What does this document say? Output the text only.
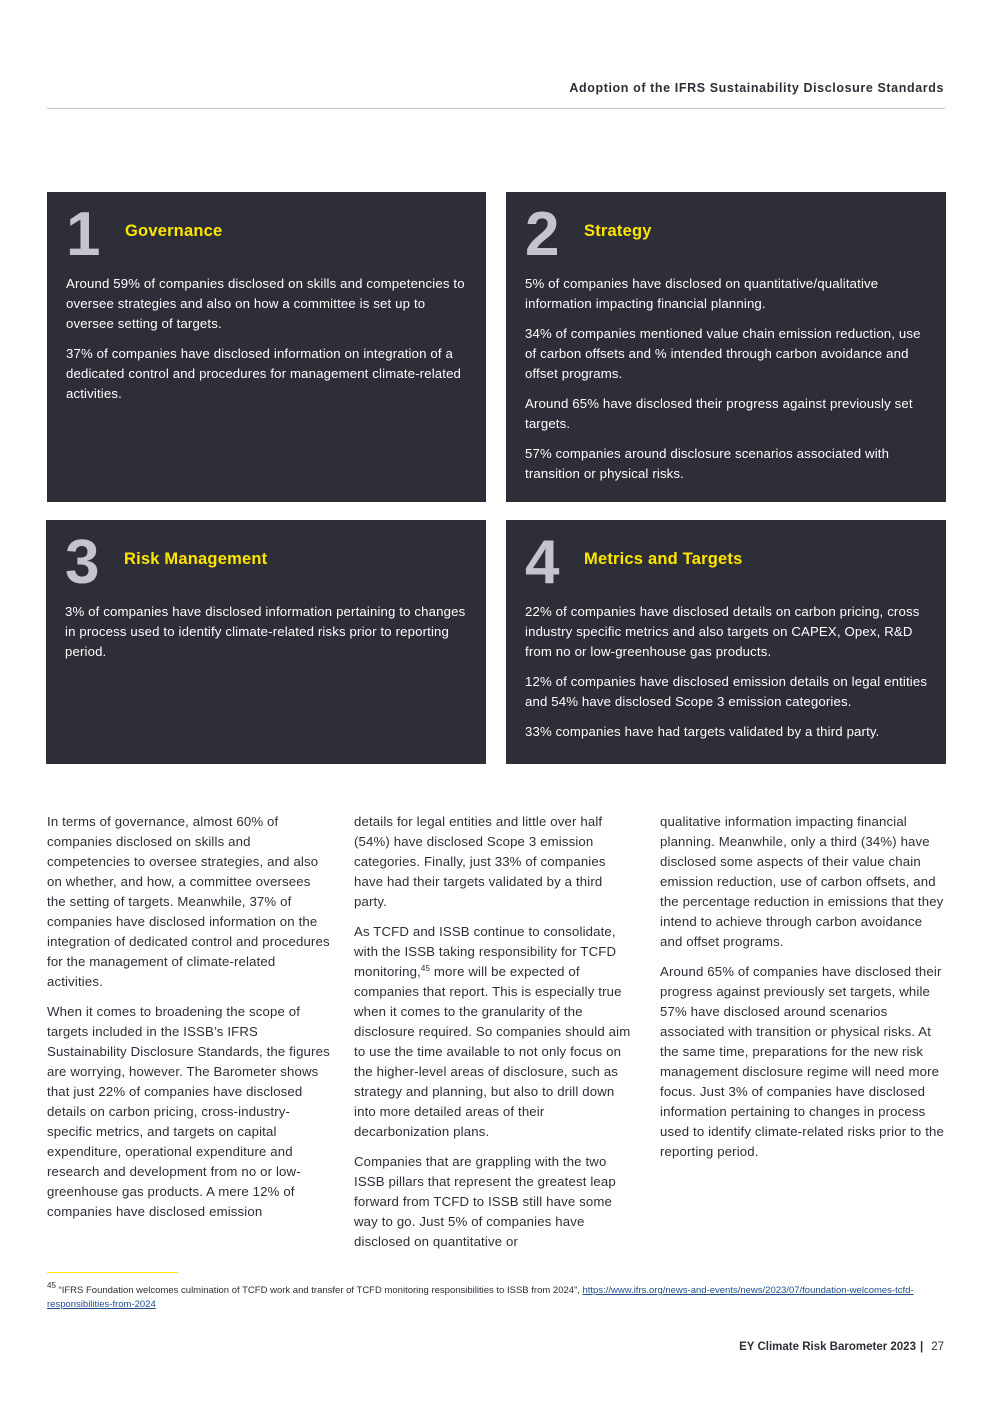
Adoption of the IFRS Sustainability Disclosure Standards
1	Governance

Around 59% of companies disclosed on skills and competencies to oversee strategies and also on how a committee is set up to oversee setting of targets.

37% of companies have disclosed information on integration of a dedicated control and procedures for management climate-related activities.

2	Strategy

5% of companies have disclosed on quantitative/qualitative information impacting financial planning.

34% of companies mentioned value chain emission reduction, use of carbon offsets and % intended through carbon avoidance and offset programs.

Around 65% have disclosed their progress against previously set targets.

57% companies around disclosure scenarios associated with transition or physical risks.

3	Risk Management

3% of companies have disclosed information pertaining to changes in process used to identify climate-related risks prior to reporting period.

4	Metrics and Targets

22% of companies have disclosed details on carbon pricing, cross industry specific metrics and also targets on CAPEX, Opex, R&D from no or low-greenhouse gas products.

12% of companies have disclosed emission details on legal entities and 54% have disclosed Scope 3 emission categories.

33% companies have had targets validated by a third party.

In terms of governance, almost 60% of companies disclosed on skills and competencies to oversee strategies, and also on whether, and how, a committee oversees the setting of targets. Meanwhile, 37% of companies have disclosed information on the integration of dedicated control and procedures for the management of climate-related activities.

When it comes to broadening the scope of targets included in the ISSB’s IFRS Sustainability Disclosure Standards, the figures are worrying, however. The Barometer shows that just 22% of companies have disclosed details on carbon pricing, cross-industry-specific metrics, and targets on capital expenditure, operational expenditure and research and development from no or low-greenhouse gas products. A mere 12% of companies have disclosed emission

details for legal entities and little over half (54%) have disclosed Scope 3 emission categories. Finally, just 33% of companies have had their targets validated by a third party.

As TCFD and ISSB continue to consolidate, with the ISSB taking responsibility for TCFD monitoring,$^{45}$ more will be expected of companies that report. This is especially true when it comes to the granularity of the disclosure required. So companies should aim to use the time available to not only focus on the higher-level areas of disclosure, such as strategy and planning, but also to drill down into more detailed areas of their decarbonization plans.

Companies that are grappling with the two ISSB pillars that represent the greatest leap forward from TCFD to ISSB still have some way to go. Just 5% of companies have disclosed on quantitative or

qualitative information impacting financial planning. Meanwhile, only a third (34%) have disclosed some aspects of their value chain emission reduction, use of carbon offsets, and the percentage reduction in emissions that they intend to achieve through carbon avoidance and offset programs.

Around 65% of companies have disclosed their progress against previously set targets, while 57% have disclosed around scenarios associated with transition or physical risks. At the same time, preparations for the new risk management disclosure regime will need more focus. Just 3% of companies have disclosed information pertaining to changes in process used to identify climate-related risks prior to the reporting period.

$^{45}$ “IFRS Foundation welcomes culmination of TCFD work and transfer of TCFD monitoring responsibilities to ISSB from 2024”, https://www.ifrs.org/news-and-events/news/2023/07/foundation-welcomes-tcfd-responsibilities-from-2024
EY Climate Risk Barometer 2023 | 27
